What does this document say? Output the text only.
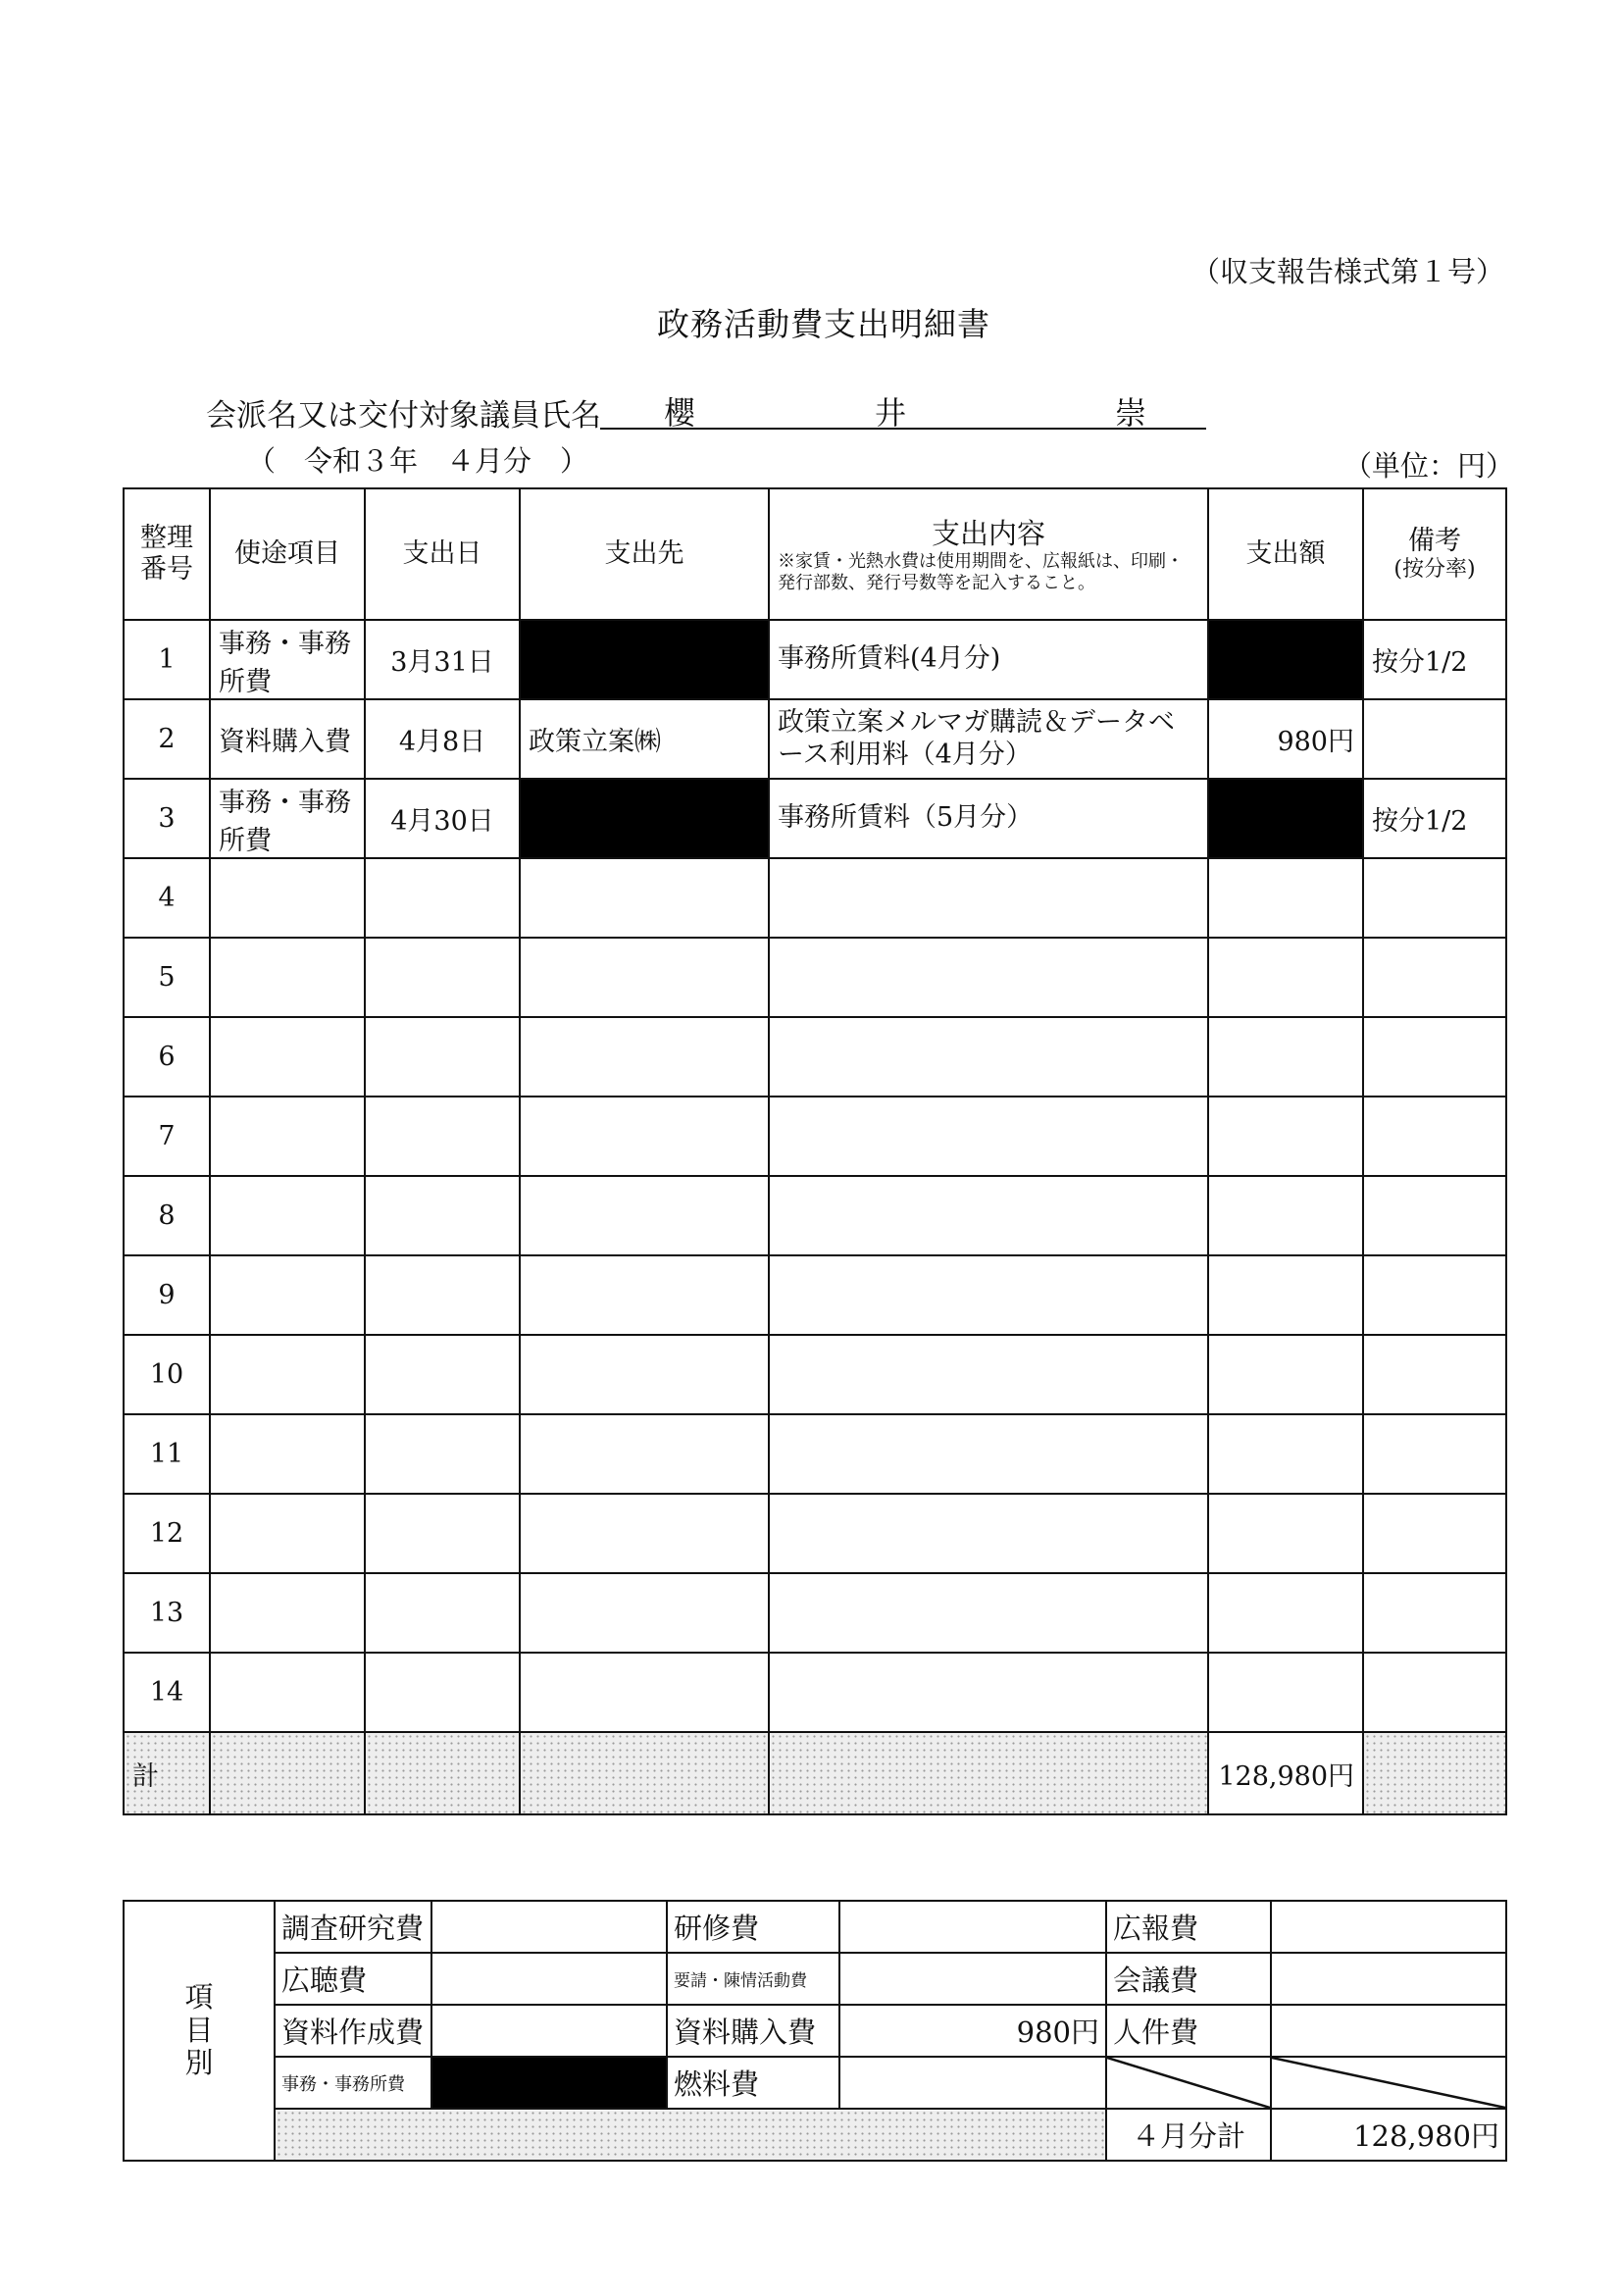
（収支報告様式第１号）
政務活動費支出明細書
会派名又は交付対象議員氏名 櫻	井	崇
（　令和３年　４月分　）	（単位：円）
整理
番号	使途項目	支出日	支出先	支出内容
※家賃・光熱水費は使用期間を、広報紙は、印刷・発行部数、発行号数等を記入すること。	支出額	備考
(按分率)

1	事務・事務所費	3月31日		事務所賃料(4月分)		按分1/2
2	資料購入費	4月8日	政策立案㈱	政策立案メルマガ購読＆データベース利用料（4月分）	980円	
3	事務・事務所費	4月30日		事務所賃料（5月分）		按分1/2
4						
5						
6						
7						
8						
9						
10						
11						
12						
13						
14						
計					128,980円	
項
目
別	調査研究費		研修費		広報費	
	広聴費		要請・陳情活動費		会議費	
	資料作成費		資料購入費	980円	人件費	
	事務・事務所費		燃料費			
					４月分計	128,980円
